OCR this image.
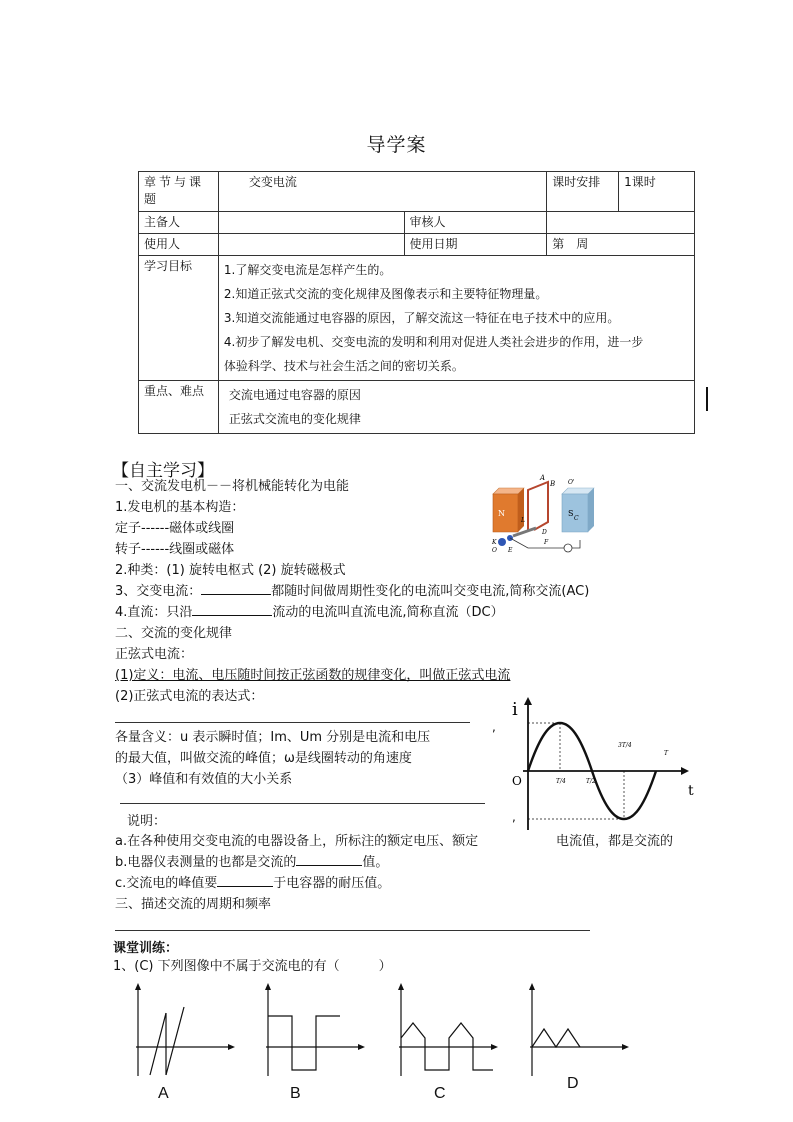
导学案
章节与课题	交变电流		课时安排	1课时
主备人		审核人		
使用人		使用日期	第　周	
学习目标	1.了解交变电流是怎样产生的。
2.知道正弦式交流的变化规律及图像表示和主要特征物理量。
3.知道交流能通过电容器的原因，了解交流这一特征在电子技术中的应用。
4.初步了解发电机、交变电流的发明和利用对促进人类社会进步的作用，进一步
体验科学、技术与社会生活之间的密切关系。			

重点、难点	交流电通过电容器的原因
正弦式交流电的变化规律			
【自主学习】
一、交流发电机－－将机械能转化为电能
1.发电机的基本构造：
定子------磁体或线圈
转子------线圈或磁体
2.种类：(1) 旋转电枢式 (2) 旋转磁极式
3、交变电流：	都随时间做周期性变化的电流叫交变电流,简称交流(AC)
4.直流：只沿	流动的电流叫直流电流,简称直流（DC）
二、交流的变化规律
正弦式电流：
(1)定义：电流、电压随时间按正弦函数的规律变化，叫做正弦式电流
(2)正弦式电流的表达式：
各量含义：u 表示瞬时值；Im、Um 分别是电流和电压
的最大值，叫做交流的峰值；ω是线圈转动的角速度
（3）峰值和有效值的大小关系
说明：
a.在各种使用交变电流的电器设备上，所标注的额定电压、额定	电流值，都是交流的
b.电器仪表测量的也都是交流的	值。
c.交流电的峰值要	于电容器的耐压值。
三、描述交流的周期和频率
课堂训练：
1、(C) 下列图像中不属于交流电的有（　　　）
A
B O'
N	S
C
L
K
D
F
O E
i
t
O	T/4	T/2
3T/4
T
,
,
A	B	C
D
